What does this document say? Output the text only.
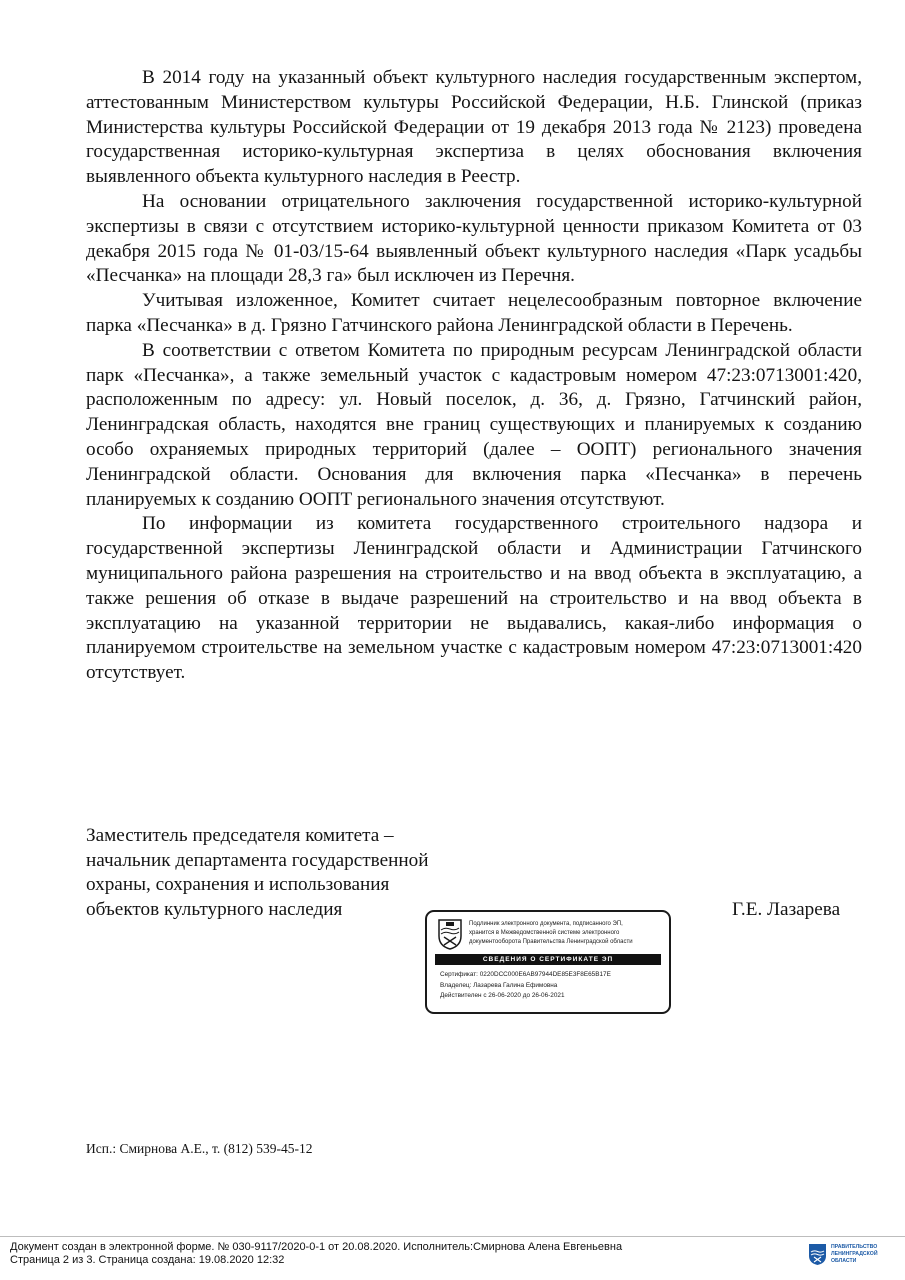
В 2014 году на указанный объект культурного наследия государственным экспертом, аттестованным Министерством культуры Российской Федерации, Н.Б. Глинской (приказ Министерства культуры Российской Федерации от 19 декабря 2013 года № 2123) проведена государственная историко-культурная экспертиза в целях обоснования включения выявленного объекта культурного наследия в Реестр.

На основании отрицательного заключения государственной историко-культурной экспертизы в связи с отсутствием историко-культурной ценности приказом Комитета от 03 декабря 2015 года № 01-03/15-64 выявленный объект культурного наследия «Парк усадьбы «Песчанка» на площади 28,3 га» был исключен из Перечня.

Учитывая изложенное, Комитет считает нецелесообразным повторное включение парка «Песчанка» в д. Грязно Гатчинского района Ленинградской области в Перечень.

В соответствии с ответом Комитета по природным ресурсам Ленинградской области парк «Песчанка», а также земельный участок с кадастровым номером 47:23:0713001:420, расположенным по адресу: ул. Новый поселок, д. 36, д. Грязно, Гатчинский район, Ленинградская область, находятся вне границ существующих и планируемых к созданию особо охраняемых природных территорий (далее – ООПТ) регионального значения Ленинградской области. Основания для включения парка «Песчанка» в перечень планируемых к созданию ООПТ регионального значения отсутствуют.

По информации из комитета государственного строительного надзора и государственной экспертизы Ленинградской области и Администрации Гатчинского муниципального района разрешения на строительство и на ввод объекта в эксплуатацию, а также решения об отказе в выдаче разрешений на строительство и на ввод объекта в эксплуатацию на указанной территории не выдавались, какая-либо информация о планируемом строительстве на земельном участке с кадастровым номером 47:23:0713001:420 отсутствует.

Заместитель председателя комитета –
начальник департамента государственной
охраны, сохранения и использования
объектов культурного наследия	Г.Е. Лазарева
Подлинник электронного документа, подписанного ЭП,
хранится в Межведомственной системе электронного
документооборота Правительства Ленинградской области
СВЕДЕНИЯ О СЕРТИФИКАТЕ ЭП
Сертификат: 0220DCC000E6AB97944DE85E3F8E65B17E
Владелец: Лазарева Галина Ефимовна
Действителен с 26-06-2020 до 26-06-2021
Исп.: Смирнова А.Е., т. (812) 539-45-12
Документ создан в электронной форме. № 030-9117/2020-0-1 от 20.08.2020. Исполнитель:Смирнова Алена Евгеньевна
Страница 2 из 3. Страница создана: 19.08.2020 12:32
ПРАВИТЕЛЬСТВО
ЛЕНИНГРАДСКОЙ
ОБЛАСТИ
